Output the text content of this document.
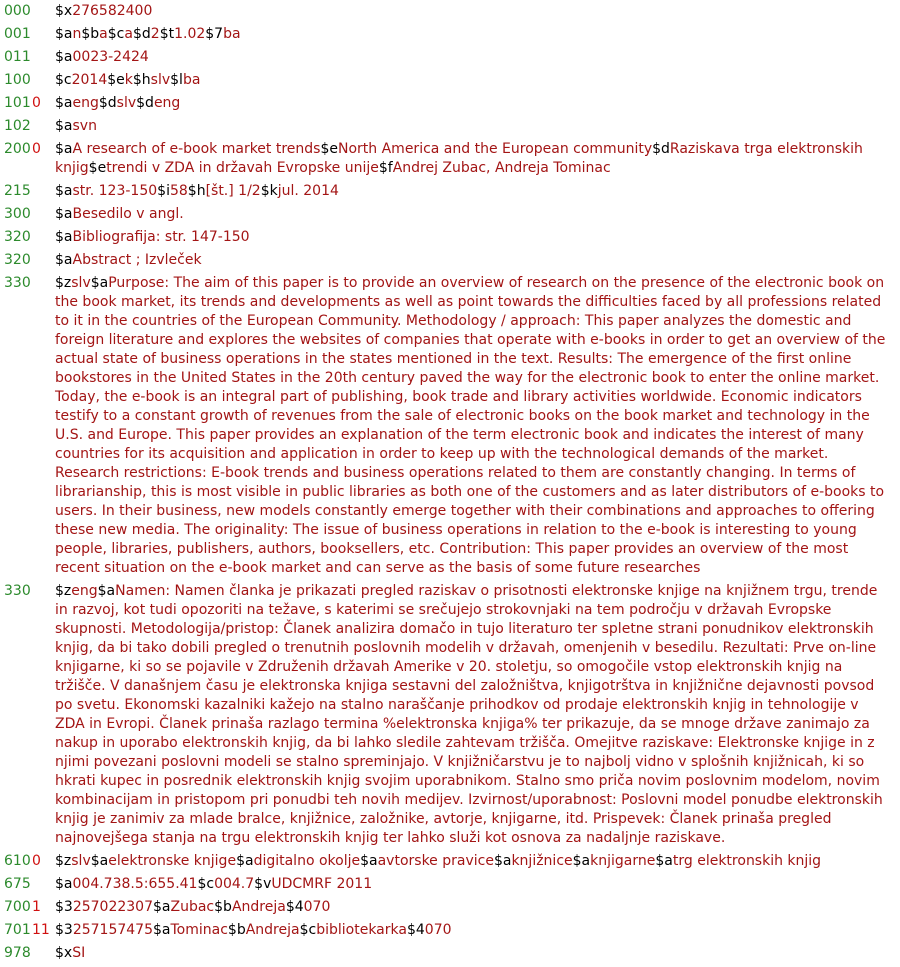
000 $x276582400
001 $an$ba$ca$d2$t1.02$7ba
011 $a0023-2424
100 $c2014$ek$hslv$lba
101 0	$aeng$dslv$deng
102 $asvn
200 0	$aA research of e-book market trends$eNorth America and the European community$dRaziskava trga elektronskih knjig$etrendi v ZDA in državah Evropske unije$fAndrej Zubac, Andreja Tominac
215 $astr. 123-150$i58$h[št.] 1/2$kjul. 2014
300 $aBesedilo v angl.
320 $aBibliografija: str. 147-150
320 $aAbstract ; Izvleček
330 $zslv$aPurpose: The aim of this paper is to provide an overview of research on the presence of the electronic book on the book market, its trends and developments as well as point towards the difficulties faced by all professions related to it in the countries of the European Community. Methodology / approach: This paper analyzes the domestic and foreign literature and explores the websites of companies that operate with e-books in order to get an overview of the actual state of business operations in the states mentioned in the text. Results: The emergence of the first online bookstores in the United States in the 20th century paved the way for the electronic book to enter the online market. Today, the e-book is an integral part of publishing, book trade and library activities worldwide. Economic indicators testify to a constant growth of revenues from the sale of electronic books on the book market and technology in the U.S. and Europe. This paper provides an explanation of the term electronic book and indicates the interest of many countries for its acquisition and application in order to keep up with the technological demands of the market. Research restrictions: E-book trends and business operations related to them are constantly changing. In terms of librarianship, this is most visible in public libraries as both one of the customers and as later distributors of e-books to users. In their business, new models constantly emerge together with their combinations and approaches to offering these new media. The originality: The issue of business operations in relation to the e-book is interesting to young people, libraries, publishers, authors, booksellers, etc. Contribution: This paper provides an overview of the most recent situation on the e-book market and can serve as the basis of some future researches
330 $zeng$aNamen: Namen članka je prikazati pregled raziskav o prisotnosti elektronske knjige na knjižnem trgu, trende in razvoj, kot tudi opozoriti na težave, s katerimi se srečujejo strokovnjaki na tem področju v državah Evropske skupnosti. Metodologija/pristop: Članek analizira domačo in tujo literaturo ter spletne strani ponudnikov elektronskih knjig, da bi tako dobili pregled o trenutnih poslovnih modelih v državah, omenjenih v besedilu. Rezultati: Prve on-line knjigarne, ki so se pojavile v Združenih državah Amerike v 20. stoletju, so omogočile vstop elektronskih knjig na tržišče. V današnjem času je elektronska knjiga sestavni del založništva, knjigotrštva in knjižnične dejavnosti povsod po svetu. Ekonomski kazalniki kažejo na stalno naraščanje prihodkov od prodaje elektronskih knjig in tehnologije v ZDA in Evropi. Članek prinaša razlago termina %elektronska knjiga% ter prikazuje, da se mnoge države zanimajo za nakup in uporabo elektronskih knjig, da bi lahko sledile zahtevam tržišča. Omejitve raziskave: Elektronske knjige in z njimi povezani poslovni modeli se stalno spreminjajo. V knjižničarstvu je to najbolj vidno v splošnih knjižnicah, ki so hkrati kupec in posrednik elektronskih knjig svojim uporabnikom. Stalno smo priča novim poslovnim modelom, novim kombinacijam in pristopom pri ponudbi teh novih medijev. Izvirnost/uporabnost: Poslovni model ponudbe elektronskih knjig je zanimiv za mlade bralce, knjižnice, založnike, avtorje, knjigarne, itd. Prispevek: Članek prinaša pregled najnovejšega stanja na trgu elektronskih knjig ter lahko služi kot osnova za nadaljnje raziskave.
610 0	$zslv$aelektronske knjige$adigitalno okolje$aavtorske pravice$aknjižnice$aknjigarne$atrg elektronskih knjig
675 $a004.738.5:655.41$c004.7$vUDCMRF 2011
700 1	$3257022307$aZubac$bAndreja$4070
701 11 $3257157475$aTominac$bAndreja$cbibliotekarka$4070
978 $xSI
